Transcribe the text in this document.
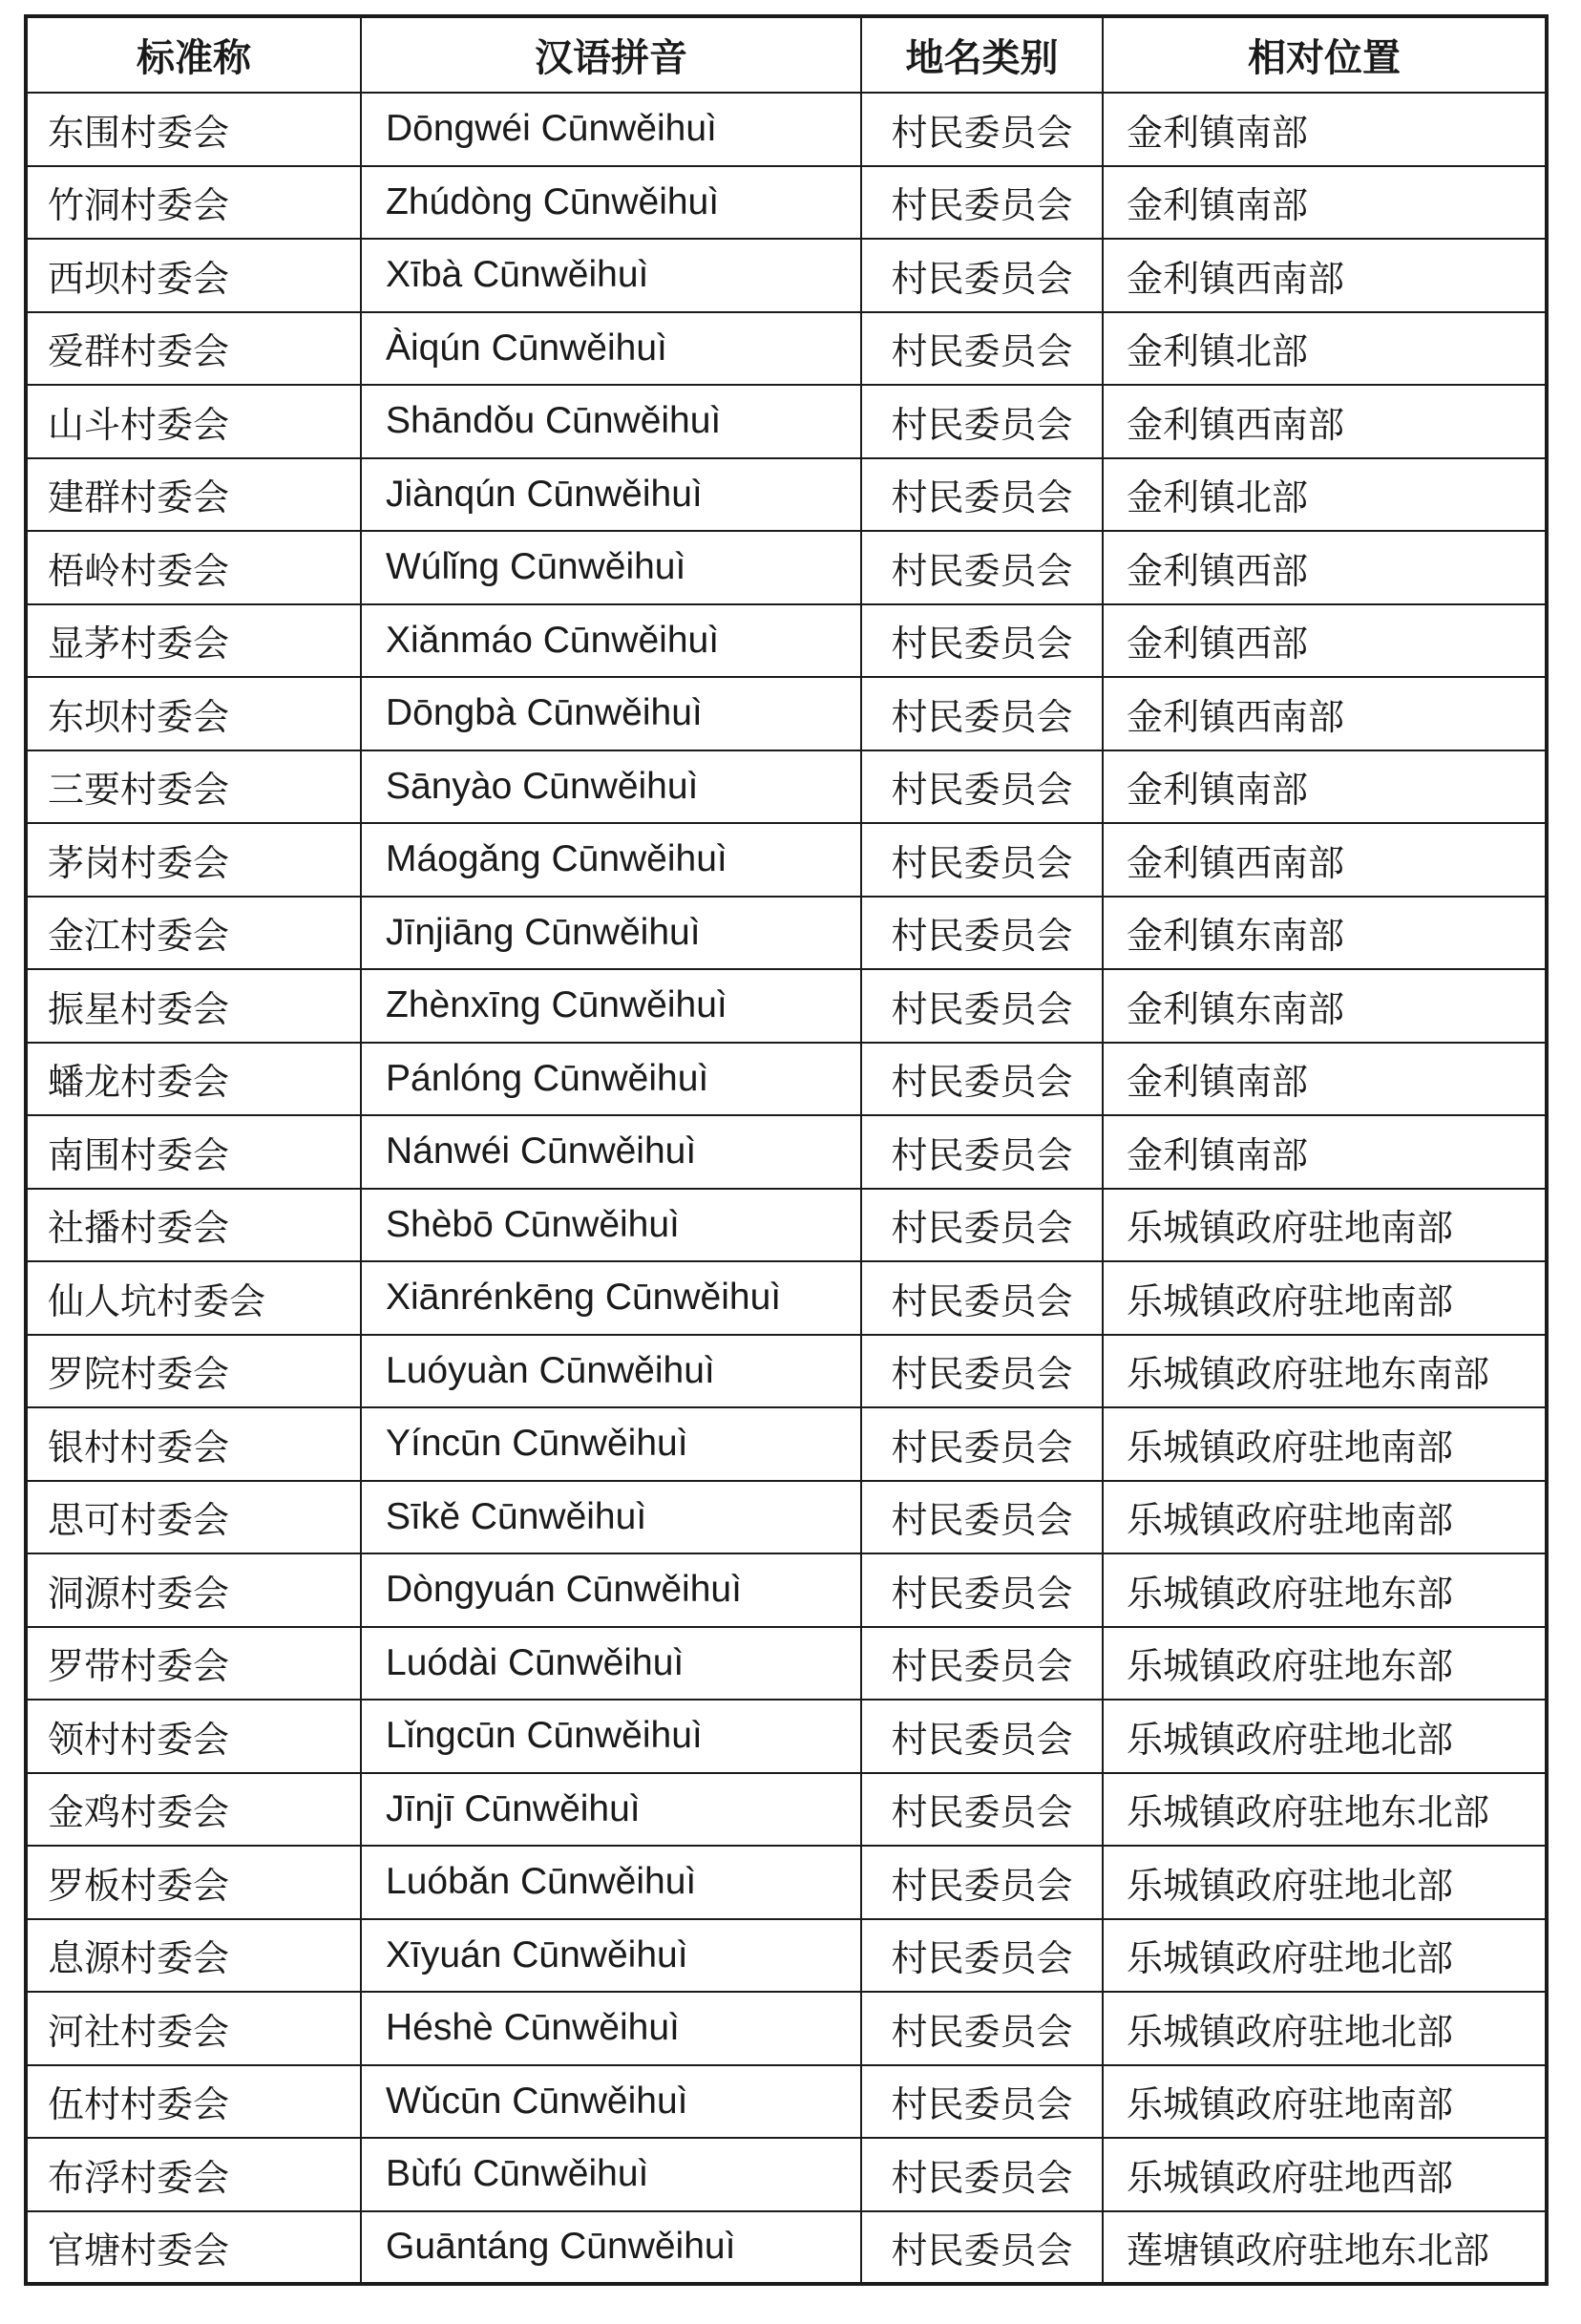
标准称	汉语拼音	地名类别	相对位置
东围村委会	Dōngwéi Cūnwěihuì	村民委员会	金利镇南部
竹洞村委会	Zhúdòng Cūnwěihuì	村民委员会	金利镇南部
西坝村委会	Xībà Cūnwěihuì	村民委员会	金利镇西南部
爱群村委会	Àiqún Cūnwěihuì	村民委员会	金利镇北部
山斗村委会	Shāndǒu Cūnwěihuì	村民委员会	金利镇西南部
建群村委会	Jiànqún Cūnwěihuì	村民委员会	金利镇北部
梧岭村委会	Wúlǐng Cūnwěihuì	村民委员会	金利镇西部
显茅村委会	Xiǎnmáo Cūnwěihuì	村民委员会	金利镇西部
东坝村委会	Dōngbà Cūnwěihuì	村民委员会	金利镇西南部
三要村委会	Sānyào Cūnwěihuì	村民委员会	金利镇南部
茅岗村委会	Máogǎng Cūnwěihuì	村民委员会	金利镇西南部
金江村委会	Jīnjiāng Cūnwěihuì	村民委员会	金利镇东南部
振星村委会	Zhènxīng Cūnwěihuì	村民委员会	金利镇东南部
蟠龙村委会	Pánlóng Cūnwěihuì	村民委员会	金利镇南部
南围村委会	Nánwéi Cūnwěihuì	村民委员会	金利镇南部
社播村委会	Shèbō Cūnwěihuì	村民委员会	乐城镇政府驻地南部
仙人坑村委会	Xiānrénkēng Cūnwěihuì	村民委员会	乐城镇政府驻地南部
罗院村委会	Luóyuàn Cūnwěihuì	村民委员会	乐城镇政府驻地东南部
银村村委会	Yíncūn Cūnwěihuì	村民委员会	乐城镇政府驻地南部
思可村委会	Sīkě Cūnwěihuì	村民委员会	乐城镇政府驻地南部
洞源村委会	Dòngyuán Cūnwěihuì	村民委员会	乐城镇政府驻地东部
罗带村委会	Luódài Cūnwěihuì	村民委员会	乐城镇政府驻地东部
领村村委会	Lǐngcūn Cūnwěihuì	村民委员会	乐城镇政府驻地北部
金鸡村委会	Jīnjī Cūnwěihuì	村民委员会	乐城镇政府驻地东北部
罗板村委会	Luóbǎn Cūnwěihuì	村民委员会	乐城镇政府驻地北部
息源村委会	Xīyuán Cūnwěihuì	村民委员会	乐城镇政府驻地北部
河社村委会	Héshè Cūnwěihuì	村民委员会	乐城镇政府驻地北部
伍村村委会	Wǔcūn Cūnwěihuì	村民委员会	乐城镇政府驻地南部
布浮村委会	Bùfú Cūnwěihuì	村民委员会	乐城镇政府驻地西部
官塘村委会	Guāntáng Cūnwěihuì	村民委员会	莲塘镇政府驻地东北部
